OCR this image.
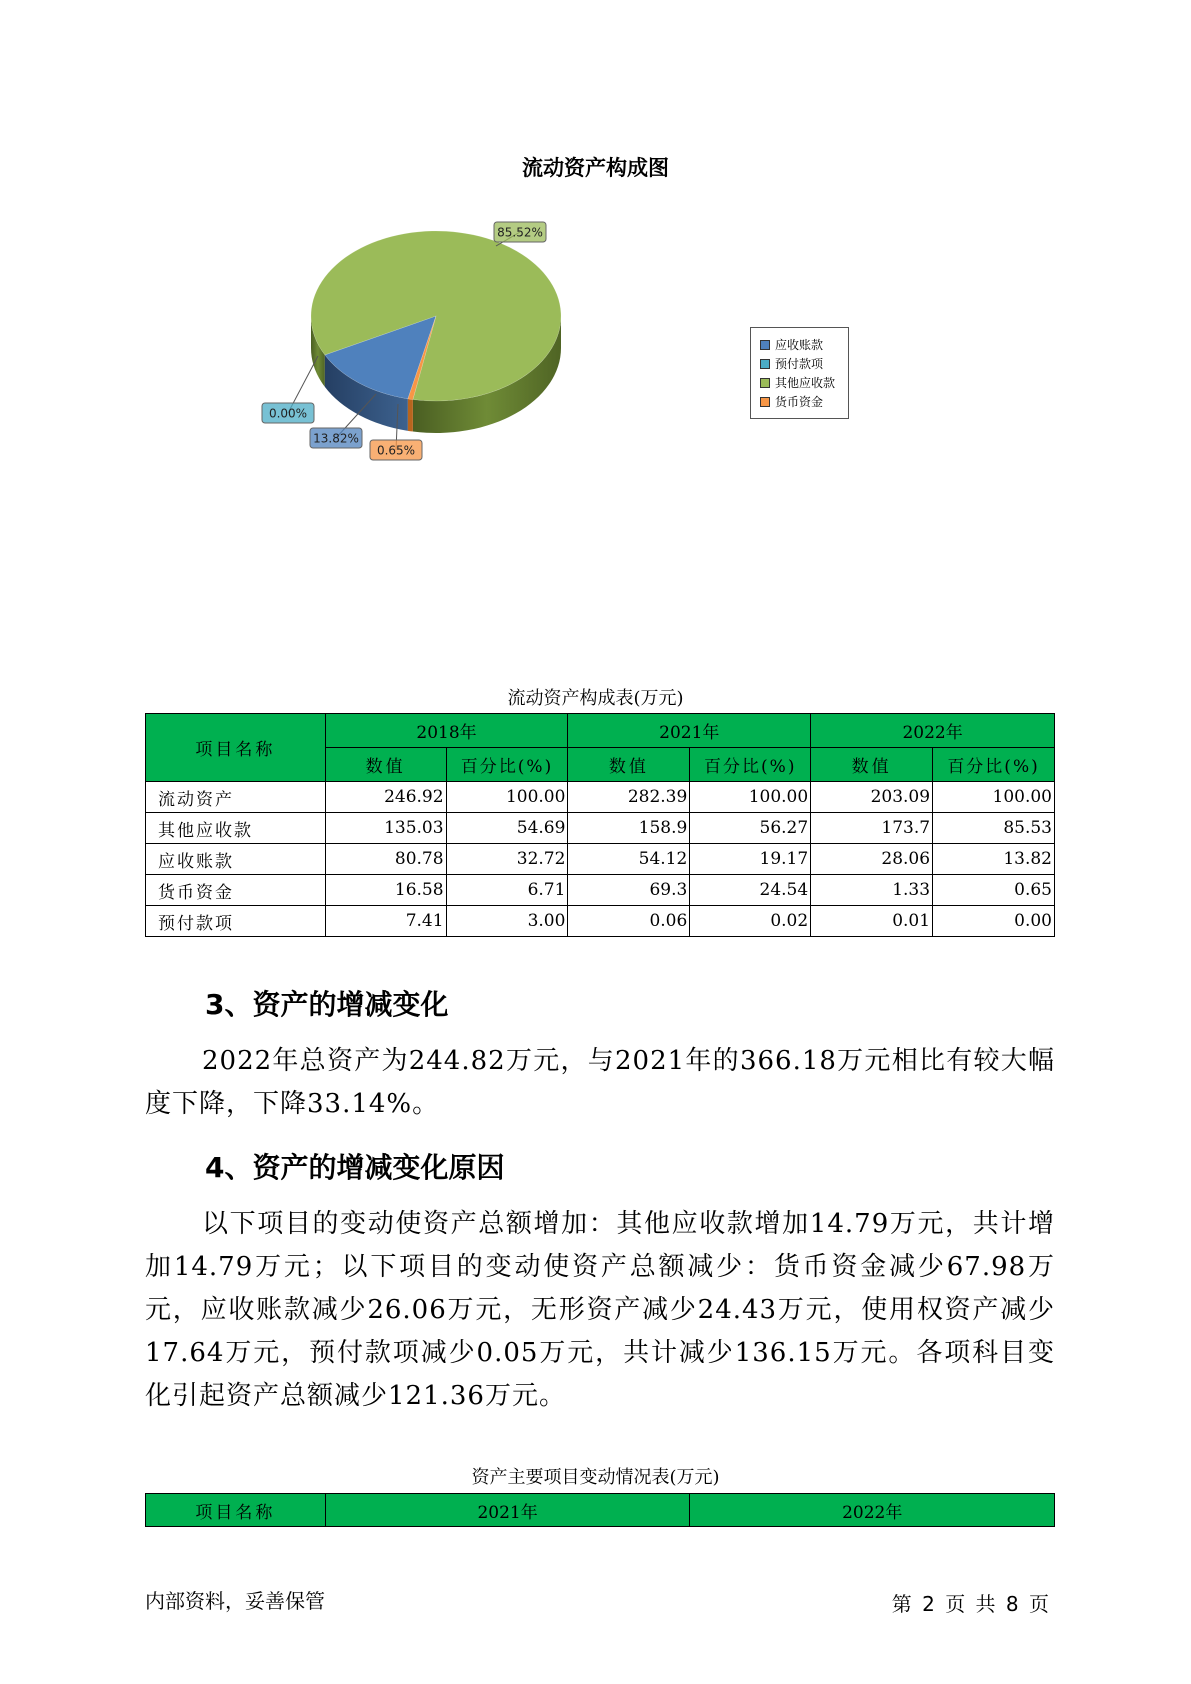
流动资产构成图
13.82%
0.00%
85.52%
0.65%
应收账款
预付款项
其他应收款
货币资金
流动资产构成表(万元)
项目名称	2018年		2021年		2022年	
	数值	百分比(%)	数值	百分比(%)	数值	百分比(%)
流动资产	246.92	100.00	282.39	100.00	203.09	100.00
其他应收款	135.03	54.69	158.9	56.27	173.7	85.53
应收账款	80.78	32.72	54.12	19.17	28.06	13.82
货币资金	16.58	6.71	69.3	24.54	1.33	0.65
预付款项	7.41	3.00	0.06	0.02	0.01	0.00
3、资产的增减变化
2022年总资产为244.82万元，与2021年的366.18万元相比有较大幅度下降，下降33.14%。
4、资产的增减变化原因
以下项目的变动使资产总额增加：其他应收款增加14.79万元，共计增加14.79万元；以下项目的变动使资产总额减少：货币资金减少67.98万元，应收账款减少26.06万元，无形资产减少24.43万元，使用权资产减少17.64万元，预付款项减少0.05万元，共计减少136.15万元。各项科目变化引起资产总额减少121.36万元。
资产主要项目变动情况表(万元)
项目名称	2021年	2022年
内部资料，妥善保管	第 2 页 共 8 页
